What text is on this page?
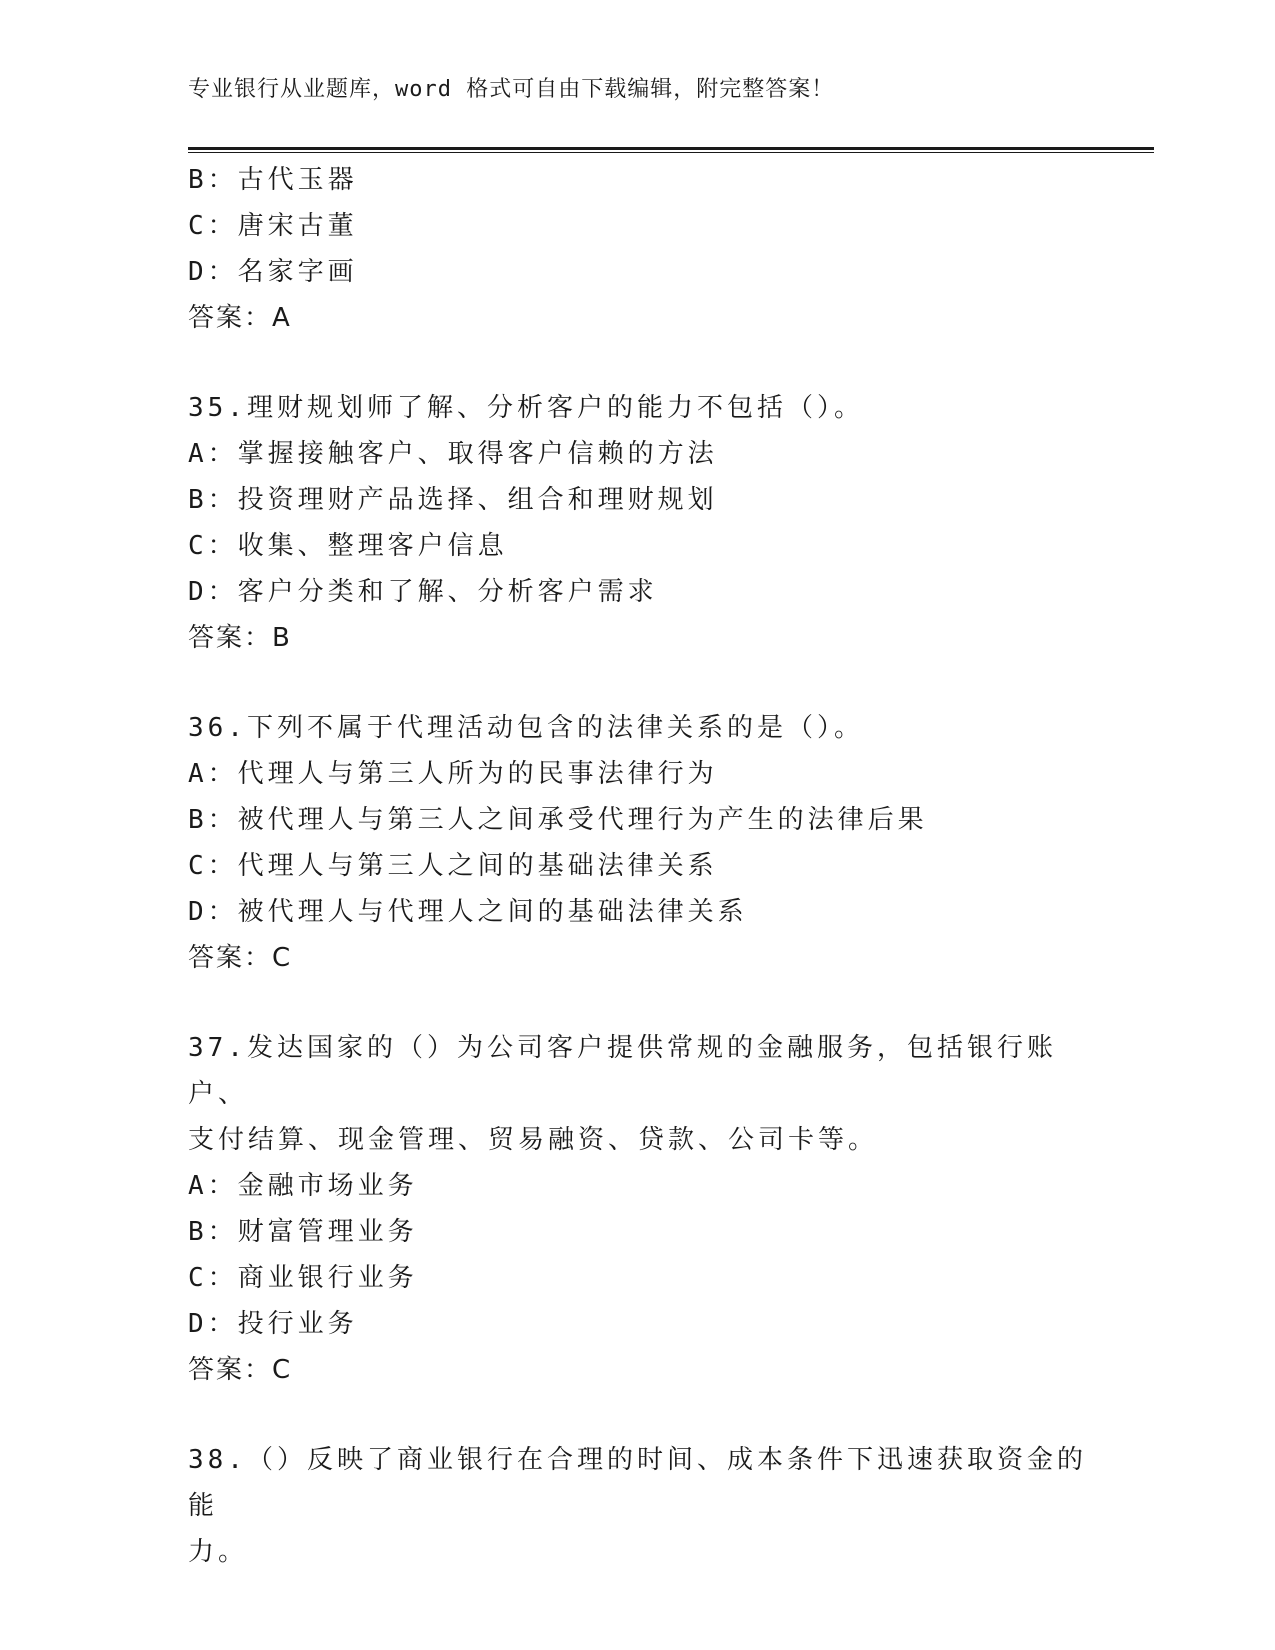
专业银行从业题库，word 格式可自由下载编辑，附完整答案！
B：古代玉器
C：唐宋古董
D：名家字画
答案：A
35.理财规划师了解、分析客户的能力不包括（）。
A：掌握接触客户、取得客户信赖的方法
B：投资理财产品选择、组合和理财规划
C：收集、整理客户信息
D：客户分类和了解、分析客户需求
答案：B
36.下列不属于代理活动包含的法律关系的是（）。
A：代理人与第三人所为的民事法律行为
B：被代理人与第三人之间承受代理行为产生的法律后果
C：代理人与第三人之间的基础法律关系
D：被代理人与代理人之间的基础法律关系
答案：C
37.发达国家的（）为公司客户提供常规的金融服务，包括银行账户、
支付结算、现金管理、贸易融资、贷款、公司卡等。
A：金融市场业务
B：财富管理业务
C：商业银行业务
D：投行业务
答案：C
38.（）反映了商业银行在合理的时间、成本条件下迅速获取资金的能
力。
